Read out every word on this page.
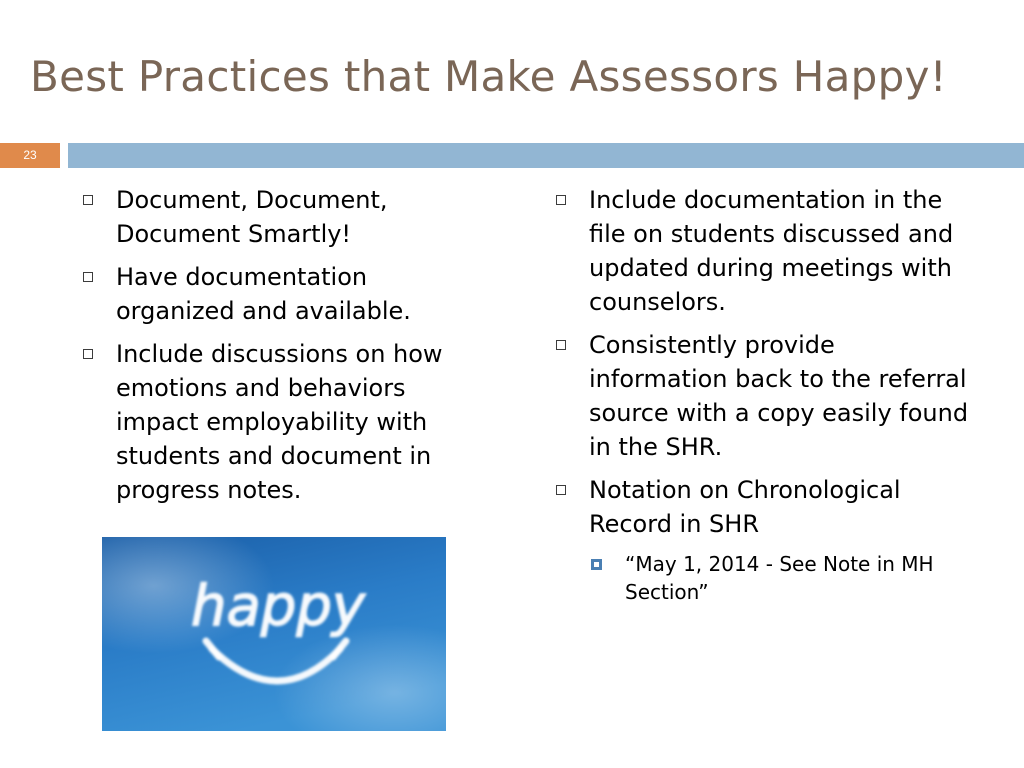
Best Practices that Make Assessors Happy!
23
Document, Document, Document Smartly!
Have documentation organized and available.
Include discussions on how emotions and behaviors impact employability with students and document in progress notes.
Include documentation in the file on students discussed and updated during meetings with counselors.
Consistently provide information back to the referral source with a copy easily found in the SHR.
Notation on Chronological Record in SHR
“May 1, 2014 - See Note in MH Section”
happy
